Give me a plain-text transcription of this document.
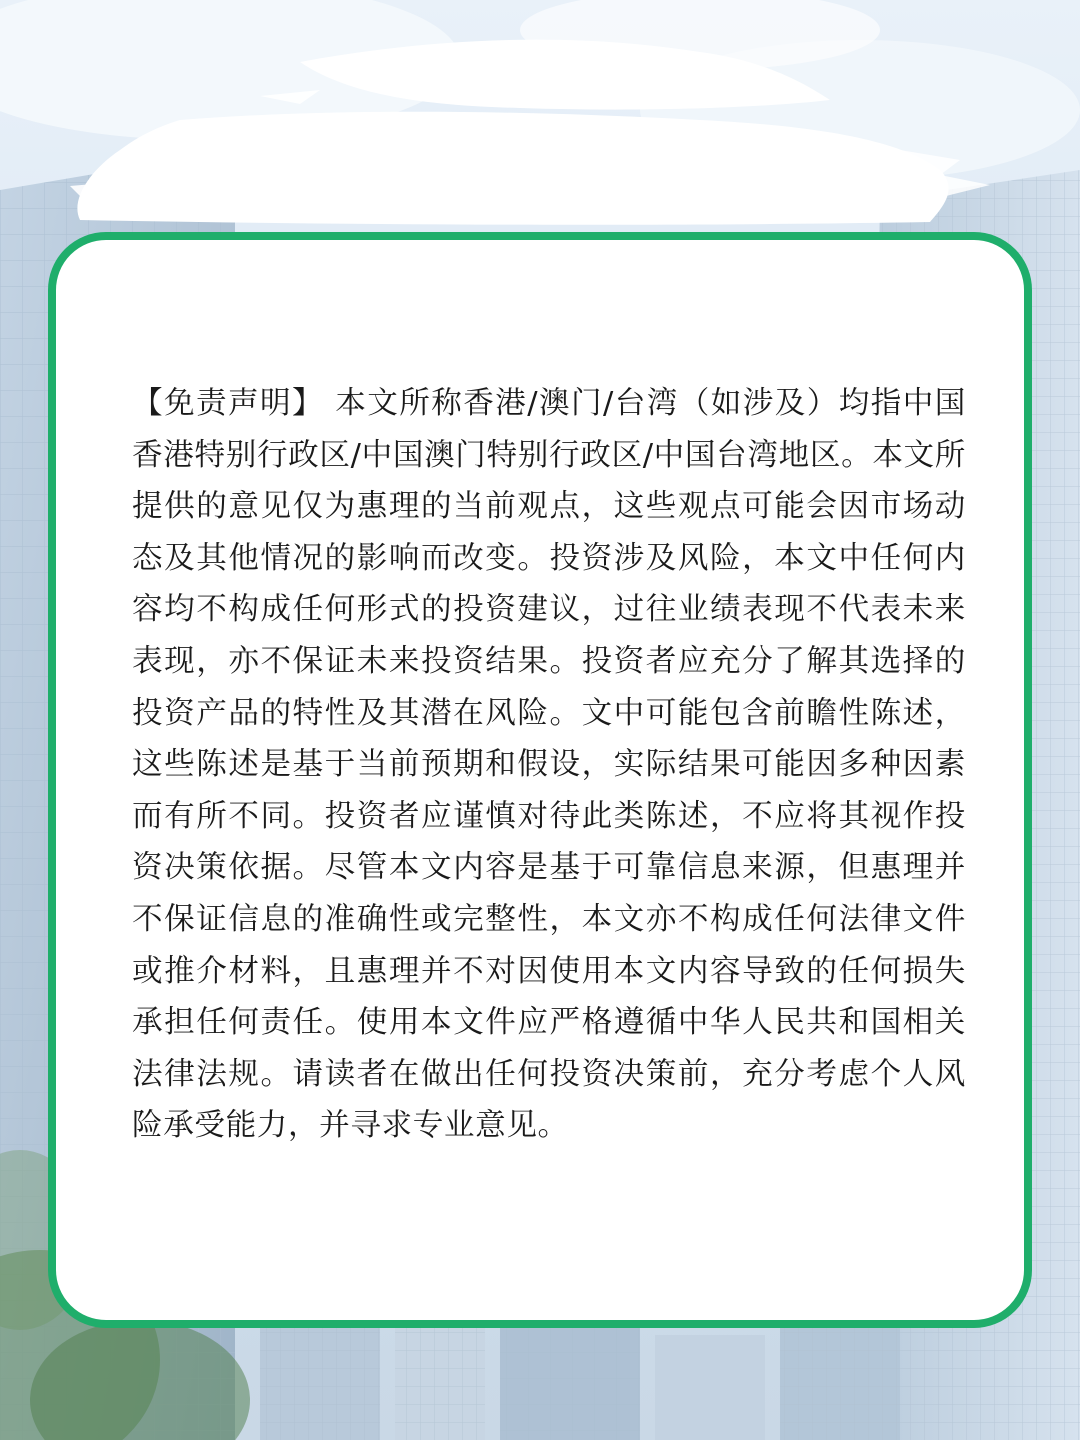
【免责声明】 本文所称香港/澳门/台湾（如涉及）均指中国香港特别行政区/中国澳门特别行政区/中国台湾地区。本文所提供的意见仅为惠理的当前观点，这些观点可能会因市场动态及其他情况的影响而改变。投资涉及风险，本文中任何内容均不构成任何形式的投资建议，过往业绩表现不代表未来表现，亦不保证未来投资结果。投资者应充分了解其选择的投资产品的特性及其潜在风险。文中可能包含前瞻性陈述，这些陈述是基于当前预期和假设，实际结果可能因多种因素而有所不同。投资者应谨慎对待此类陈述，不应将其视作投资决策依据。尽管本文内容是基于可靠信息来源，但惠理并不保证信息的准确性或完整性，本文亦不构成任何法律文件或推介材料，且惠理并不对因使用本文内容导致的任何损失承担任何责任。使用本文件应严格遵循中华人民共和国相关法律法规。请读者在做出任何投资决策前，充分考虑个人风险承受能力，并寻求专业意见。
